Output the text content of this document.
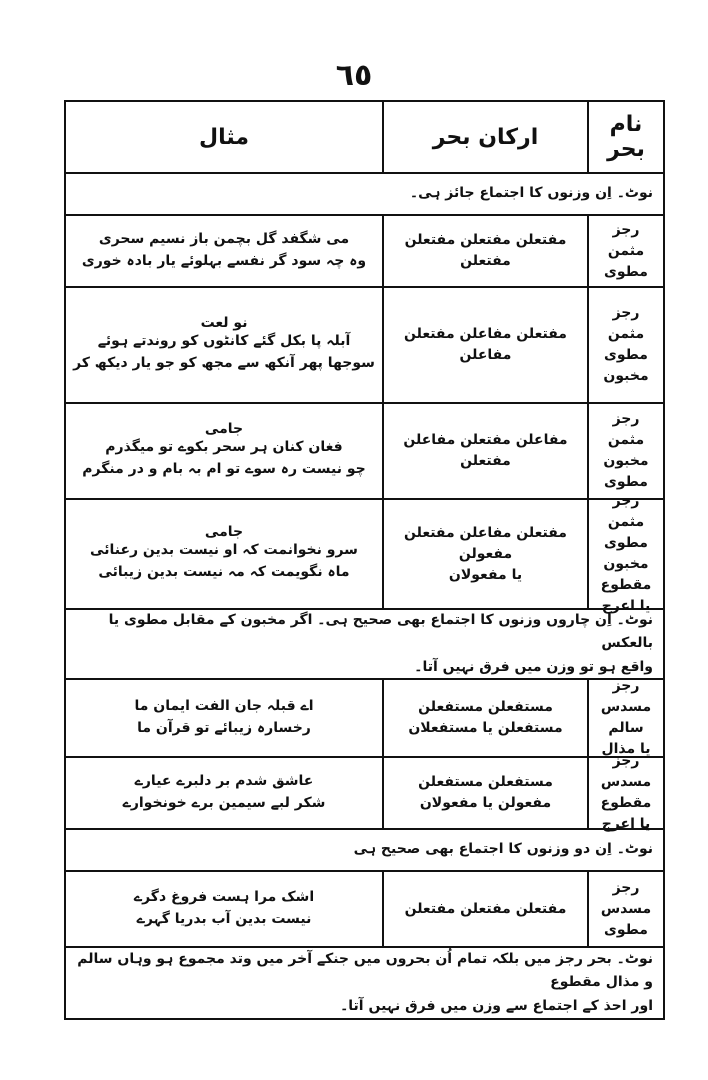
٦٥
نام بحر
ارکان بحر
مثال
نوٹ۔ اِن وزنوں کا اجتماع جائز ہی۔
رجز مثمن مطوی
مفتعلن مفتعلن مفتعلن مفتعلن
می شگفد گل بچمن باز نسیم سحری
وہ چہ سود گر نفسے بہلوئے یار بادہ خوری
رجز مثمن مطوی
مخبون
مفتعلن مفاعلن مفتعلن مفاعلن
نو لعت
آبلہ پا بکل گئے کانٹوں کو روندتے ہوئے
سوجھا پھر آنکھ سے مجھ کو جو یار دیکھ کر
رجز مثمن مخبون
مطوی
مفاعلن مفتعلن مفاعلن مفتعلن
جامی
فغان کنان ہر سحر بکوے تو میگذرم
چو نیست رہ سوے تو ام بہ بام و در منگرم
رجز مثمن مطوی
مخبون مقطوع یا اعرج
مفتعلن مفاعلن مفتعلن مفعولن
یا مفعولان
جامی
سرو نخوانمت کہ او نیست بدین رعنائی
ماہ نگویمت کہ مہ نیست بدین زیبائی
نوٹ۔ اِن چاروں وزنوں کا اجتماع بھی صحیح ہی۔ اگر مخبون کے مقابل مطوی یا بالعکس
واقع ہو تو وزن میں فرق نہیں آتا۔
رجز مسدس سالم
یا مذال
مستفعلن مستفعلن مستفعلن یا مستفعلان
اے قبلہ جان الفت ایمان ما
رخسارہ زیبائے تو قرآن ما
رجز مسدس مقطوع
یا اعرج
مستفعلن مستفعلن مفعولن یا مفعولان
عاشق شدم بر دلبرے عیارے
شکر لبے سیمین برے خونخوارے
نوٹ۔ اِن دو وزنوں کا اجتماع بھی صحیح ہی
رجز مسدس مطوی
مفتعلن مفتعلن مفتعلن
اشک مرا ہست فروغ دگرے
نیست بدین آب بدریا گہرے
نوٹ۔ بحر رجز میں بلکہ تمام اُن بحروں میں جنکے آخر میں وتد مجموع ہو وہاں سالم و مذال مقطوع
اور احذ کے اجتماع سے وزن میں فرق نہیں آتا۔
